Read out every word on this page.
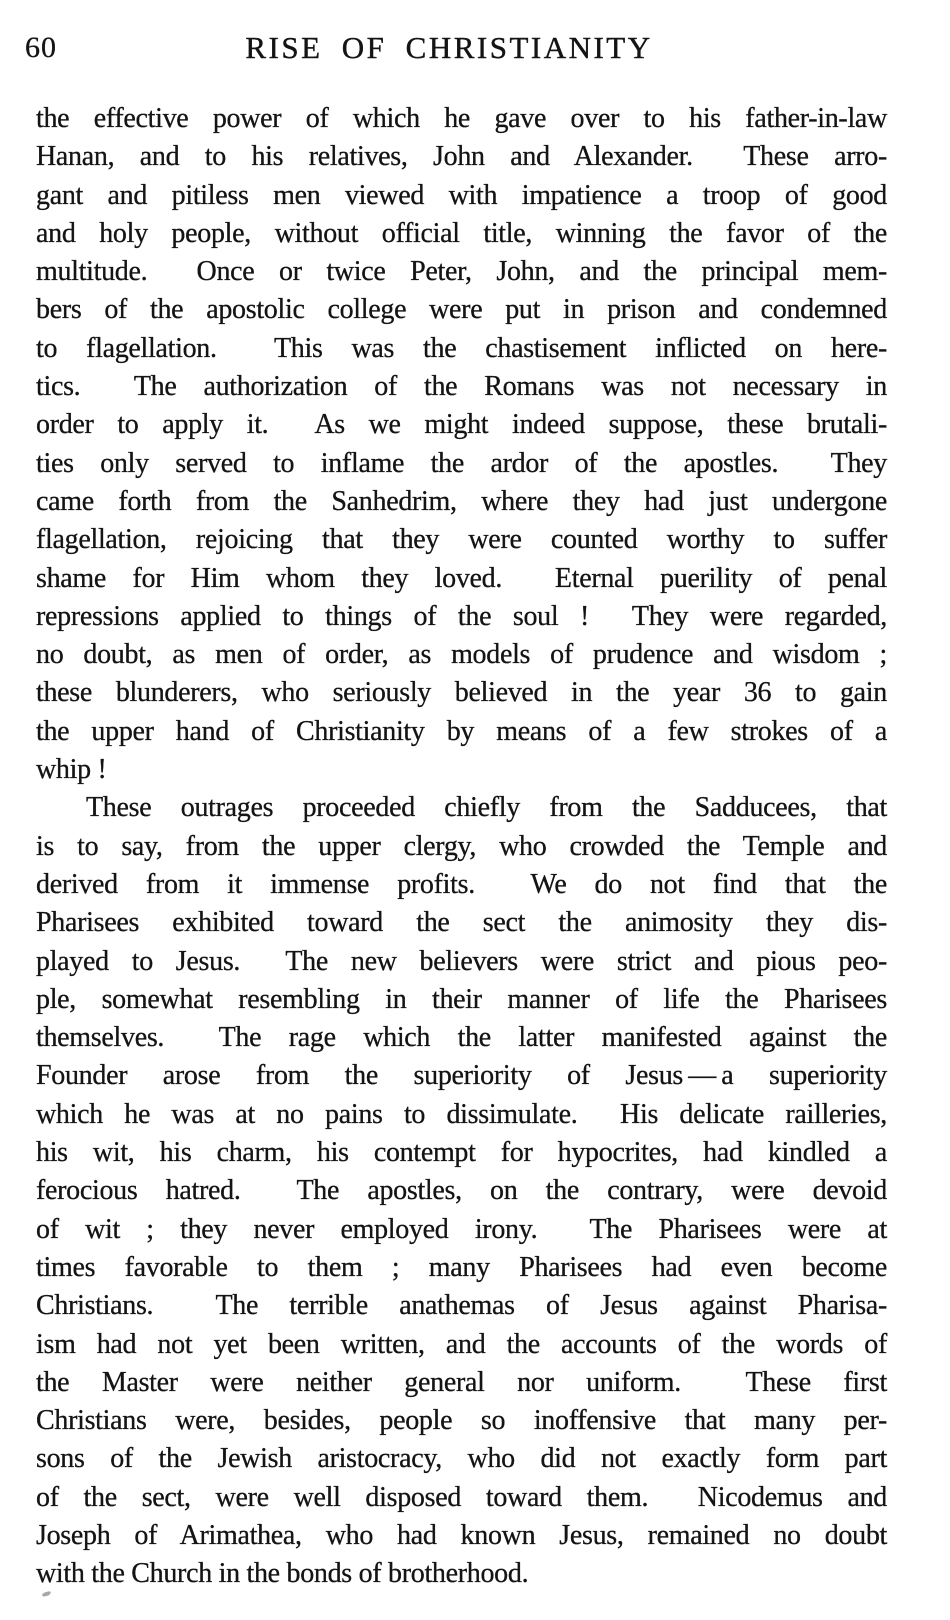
60	RISE OF CHRISTIANITY
the effective power of which he gave over to his father-in-law
Hanan, and to his relatives, John and Alexander.  These arro-
gant and pitiless men viewed with impatience a troop of good
and holy people, without official title, winning the favor of the
multitude.  Once or twice Peter, John, and the principal mem-
bers of the apostolic college were put in prison and condemned
to flagellation.  This was the chastisement inflicted on here-
tics.  The authorization of the Romans was not necessary in
order to apply it.  As we might indeed suppose, these brutali-
ties only served to inflame the ardor of the apostles.  They
came forth from the Sanhedrim, where they had just undergone
flagellation, rejoicing that they were counted worthy to suffer
shame for Him whom they loved.  Eternal puerility of penal
repressions applied to things of the soul !  They were regarded,
no doubt, as men of order, as models of prudence and wisdom ;
these blunderers, who seriously believed in the year 36 to gain
the upper hand of Christianity by means of a few strokes of a
whip !
These outrages proceeded chiefly from the Sadducees, that
is to say, from the upper clergy, who crowded the Temple and
derived from it immense profits.  We do not find that the
Pharisees exhibited toward the sect the animosity they dis-
played to Jesus.  The new believers were strict and pious peo-
ple, somewhat resembling in their manner of life the Pharisees
themselves.  The rage which the latter manifested against the
Founder arose from the superiority of Jesus — a superiority
which he was at no pains to dissimulate.  His delicate railleries,
his wit, his charm, his contempt for hypocrites, had kindled a
ferocious hatred.  The apostles, on the contrary, were devoid
of wit ; they never employed irony.  The Pharisees were at
times favorable to them ; many Pharisees had even become
Christians.  The terrible anathemas of Jesus against Pharisa-
ism had not yet been written, and the accounts of the words of
the Master were neither general nor uniform.  These first
Christians were, besides, people so inoffensive that many per-
sons of the Jewish aristocracy, who did not exactly form part
of the sect, were well disposed toward them.  Nicodemus and
Joseph of Arimathea, who had known Jesus, remained no doubt
with the Church in the bonds of brotherhood.
